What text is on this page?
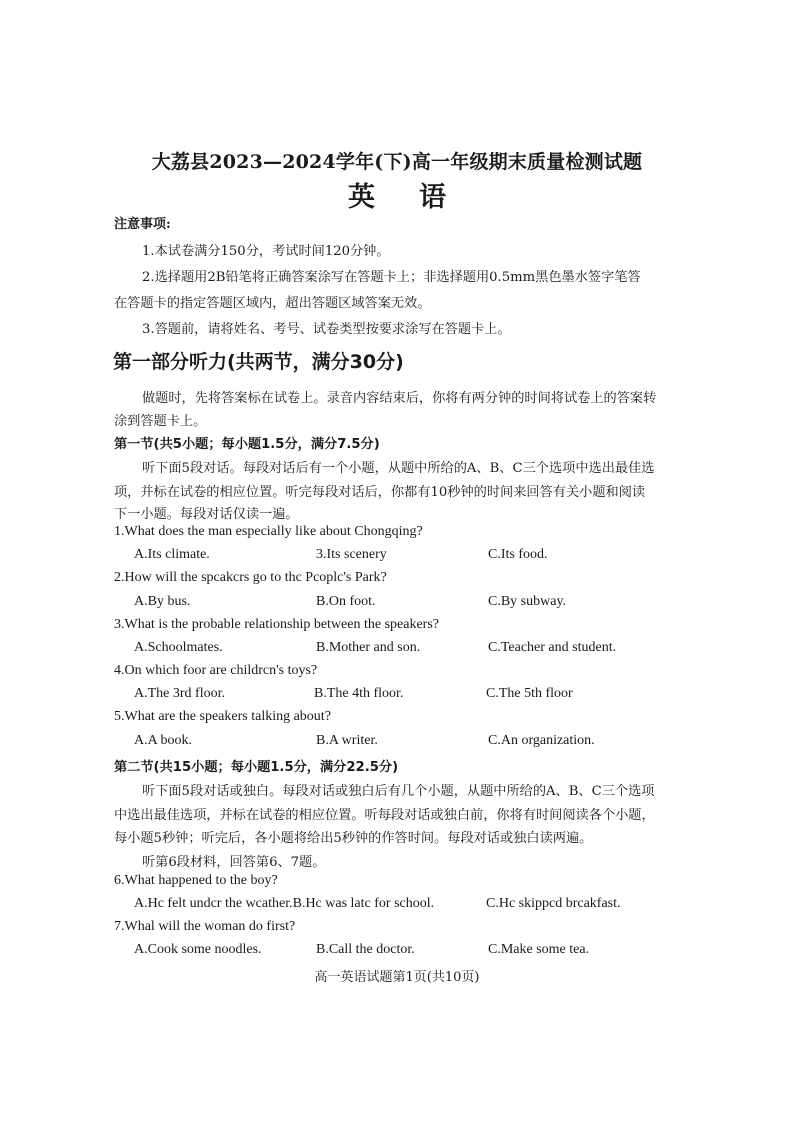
大荔县2023—2024学年(下)高一年级期末质量检测试题
英语
注意事项:
1.本试卷满分150分，考试时间120分钟。
2.选择题用2B铅笔将正确答案涂写在答题卡上；非选择题用0.5mm黑色墨水签字笔答
在答题卡的指定答题区域内，超出答题区域答案无效。
3.答题前，请将姓名、考号、试卷类型按要求涂写在答题卡上。
第一部分听力(共两节，满分30分)
做题时，先将答案标在试卷上。录音内容结束后，你将有两分钟的时间将试卷上的答案转
涂到答题卡上。
第一节(共5小题；每小题1.5分，满分7.5分)
听下面5段对话。每段对话后有一个小题，从题中所给的A、B、C三个选项中选出最佳选
项，并标在试卷的相应位置。听完每段对话后，你都有10秒钟的时间来回答有关小题和阅读
下一小题。每段对话仅读一遍。
1.What does the man especially like about Chongqing?
A.Its climate.	3.Its scenery	C.Its food.
2.How will the spcakcrs go to thc Pcoplc's Park?
A.By bus.	B.On foot.	C.By subway.
3.What is the probable relationship between the speakers?
A.Schoolmates.	B.Mother and son.	C.Teacher and student.
4.On which foor are childrcn's toys?
A.The 3rd floor.	B.The 4th floor.	C.The 5th floor
5.What are the speakers talking about?
A.A book.	B.A writer.	C.An organization.
第二节(共15小题；每小题1.5分，满分22.5分)
听下面5段对话或独白。每段对话或独白后有几个小题，从题中所给的A、B、C三个选项
中选出最佳选项，并标在试卷的相应位置。听每段对话或独白前，你将有时间阅读各个小题，
每小题5秒钟；听完后，各小题将给出5秒钟的作答时间。每段对话或独白读两遍。
听第6段材料，回答第6、7题。
6.What happened to the boy?
A.Hc felt undcr the wcather.B.Hc was latc for school.	C.Hc skippcd brcakfast.
7.Whal will the woman do first?
A.Cook some noodles.	B.Call the doctor.	C.Make some tea.
高一英语试题第1页(共10页)
